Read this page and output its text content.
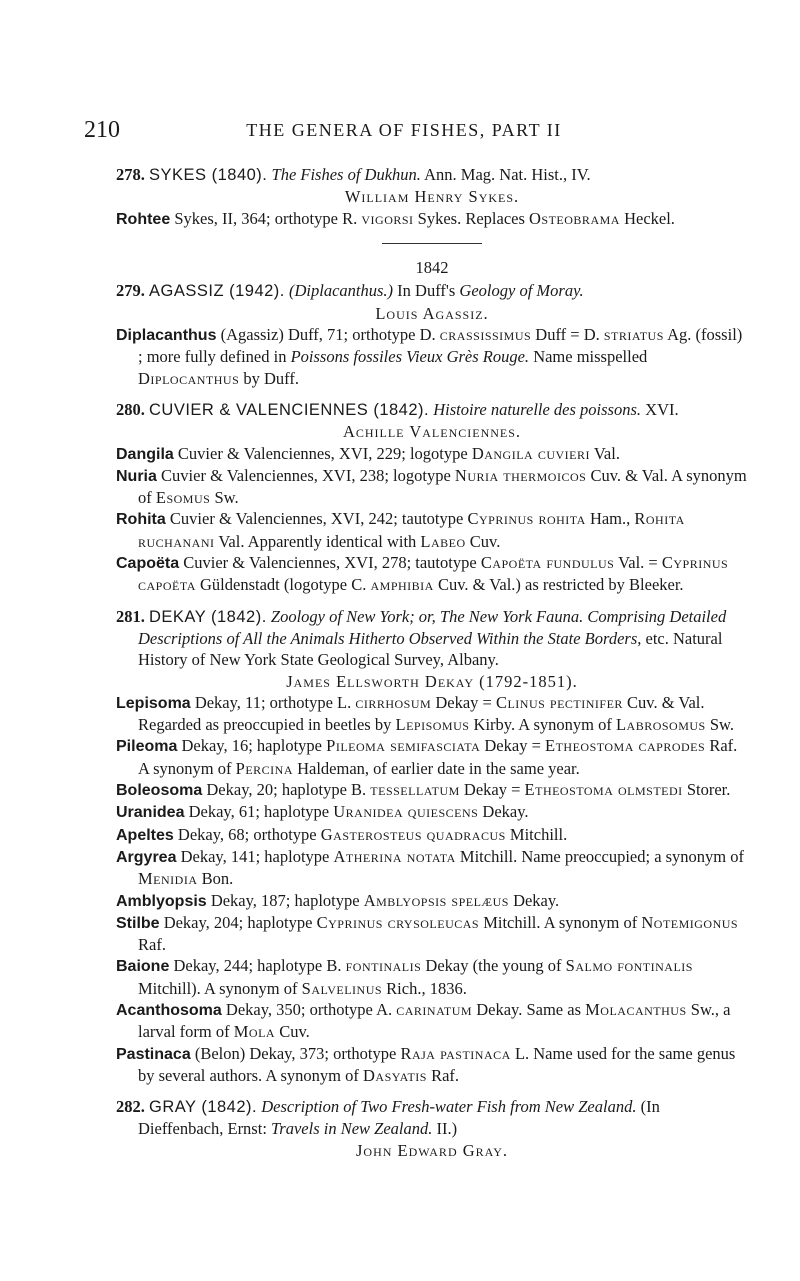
210	THE GENERA OF FISHES, PART II

278. SYKES (1840). The Fishes of Dukhun. Ann. Mag. Nat. Hist., IV.

William Henry Sykes.

Rohtee Sykes, II, 364; orthotype R. vigorsi Sykes. Replaces Osteobrama Heckel.

1842

279. AGASSIZ (1942). (Diplacanthus.) In Duff's Geology of Moray.

Louis Agassiz.

Diplacanthus (Agassiz) Duff, 71; orthotype D. crassissimus Duff = D. striatus Ag. (fossil) ; more fully defined in Poissons fossiles Vieux Grès Rouge. Name misspelled Diplocanthus by Duff.

280. CUVIER & VALENCIENNES (1842). Histoire naturelle des poissons. XVI.

Achille Valenciennes.

Dangila Cuvier & Valenciennes, XVI, 229; logotype Dangila cuvieri Val.

Nuria Cuvier & Valenciennes, XVI, 238; logotype Nuria thermoicos Cuv. & Val. A synonym of Esomus Sw.

Rohita Cuvier & Valenciennes, XVI, 242; tautotype Cyprinus rohita Ham., Rohita ruchanani Val. Apparently identical with Labeo Cuv.

Capoëta Cuvier & Valenciennes, XVI, 278; tautotype Capoëta fundulus Val. = Cyprinus capoëta Güldenstadt (logotype C. amphibia Cuv. & Val.) as restricted by Bleeker.

281. DEKAY (1842). Zoology of New York; or, The New York Fauna. Comprising Detailed Descriptions of All the Animals Hitherto Observed Within the State Borders, etc. Natural History of New York State Geological Survey, Albany.

James Ellsworth Dekay (1792-1851).

Lepisoma Dekay, 11; orthotype L. cirrhosum Dekay = Clinus pectinifer Cuv. & Val. Regarded as preoccupied in beetles by Lepisomus Kirby. A synonym of Labrosomus Sw.

Pileoma Dekay, 16; haplotype Pileoma semifasciata Dekay = Etheostoma caprodes Raf. A synonym of Percina Haldeman, of earlier date in the same year.

Boleosoma Dekay, 20; haplotype B. tessellatum Dekay = Etheostoma olmstedi Storer.

Uranidea Dekay, 61; haplotype Uranidea quiescens Dekay.

Apeltes Dekay, 68; orthotype Gasterosteus quadracus Mitchill.

Argyrea Dekay, 141; haplotype Atherina notata Mitchill. Name preoccupied; a synonym of Menidia Bon.

Amblyopsis Dekay, 187; haplotype Amblyopsis spelæus Dekay.

Stilbe Dekay, 204; haplotype Cyprinus crysoleucas Mitchill. A synonym of Notemigonus Raf.

Baione Dekay, 244; haplotype B. fontinalis Dekay (the young of Salmo fontinalis Mitchill). A synonym of Salvelinus Rich., 1836.

Acanthosoma Dekay, 350; orthotype A. carinatum Dekay. Same as Molacanthus Sw., a larval form of Mola Cuv.

Pastinaca (Belon) Dekay, 373; orthotype Raja pastinaca L. Name used for the same genus by several authors. A synonym of Dasyatis Raf.

282. GRAY (1842). Description of Two Fresh-water Fish from New Zealand. (In Dieffenbach, Ernst: Travels in New Zealand. II.)

John Edward Gray.
